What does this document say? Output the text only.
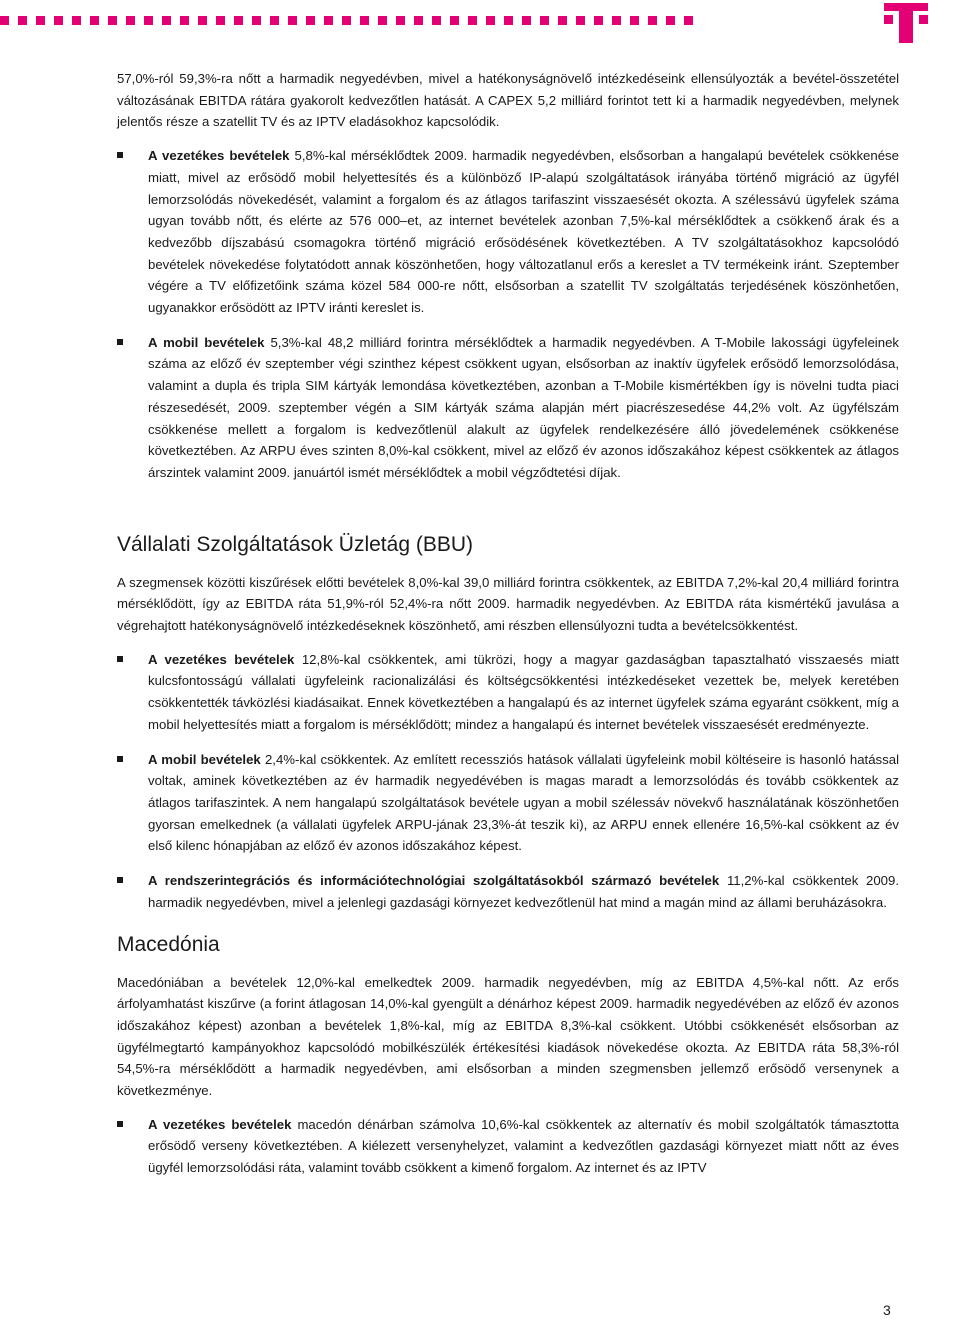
57,0%-ról 59,3%-ra nőtt a harmadik negyedévben, mivel a hatékonyságnövelő intézkedéseink ellensúlyozták a bevétel-összetétel változásának EBITDA rátára gyakorolt kedvezőtlen hatását. A CAPEX 5,2 milliárd forintot tett ki a harmadik negyedévben, melynek jelentős része a szatellit TV és az IPTV eladásokhoz kapcsolódik.

A vezetékes bevételek 5,8%-kal mérséklődtek 2009. harmadik negyedévben, elsősorban a hangalapú bevételek csökkenése miatt, mivel az erősödő mobil helyettesítés és a különböző IP-alapú szolgáltatások irányába történő migráció az ügyfél lemorzsolódás növekedését, valamint a forgalom és az átlagos tarifaszint visszaesését okozta. A szélessávú ügyfelek száma ugyan tovább nőtt, és elérte az 576 000–et, az internet bevételek azonban 7,5%-kal mérséklődtek a csökkenő árak és a kedvezőbb díjszabású csomagokra történő migráció erősödésének következtében. A TV szolgáltatásokhoz kapcsolódó bevételek növekedése folytatódott annak köszönhetően, hogy változatlanul erős a kereslet a TV termékeink iránt. Szeptember végére a TV előfizetőink száma közel 584 000-re nőtt, elsősorban a szatellit TV szolgáltatás terjedésének köszönhetően, ugyanakkor erősödött az IPTV iránti kereslet is.
A mobil bevételek 5,3%-kal 48,2 milliárd forintra mérséklődtek a harmadik negyedévben. A T-Mobile lakossági ügyfeleinek száma az előző év szeptember végi szinthez képest csökkent ugyan, elsősorban az inaktív ügyfelek erősödő lemorzsolódása, valamint a dupla és tripla SIM kártyák lemondása következtében, azonban a T-Mobile kismértékben így is növelni tudta piaci részesedését, 2009. szeptember végén a SIM kártyák száma alapján mért piacrészesedése 44,2% volt. Az ügyfélszám csökkenése mellett a forgalom is kedvezőtlenül alakult az ügyfelek rendelkezésére álló jövedelemének csökkenése következtében. Az ARPU éves szinten 8,0%-kal csökkent, mivel az előző év azonos időszakához képest csökkentek az átlagos árszintek valamint 2009. januártól ismét mérséklődtek a mobil végződtetési díjak.
Vállalati Szolgáltatások Üzletág (BBU)

A szegmensek közötti kiszűrések előtti bevételek 8,0%-kal 39,0 milliárd forintra csökkentek, az EBITDA 7,2%-kal 20,4 milliárd forintra mérséklődött, így az EBITDA ráta 51,9%-ról 52,4%-ra nőtt 2009. harmadik negyedévben. Az EBITDA ráta kismértékű javulása a végrehajtott hatékonyságnövelő intézkedéseknek köszönhető, ami részben ellensúlyozni tudta a bevételcsökkentést.

A vezetékes bevételek 12,8%-kal csökkentek, ami tükrözi, hogy a magyar gazdaságban tapasztalható visszaesés miatt kulcsfontosságú vállalati ügyfeleink racionalizálási és költségcsökkentési intézkedéseket vezettek be, melyek keretében csökkentették távközlési kiadásaikat. Ennek következtében a hangalapú és az internet ügyfelek száma egyaránt csökkent, míg a mobil helyettesítés miatt a forgalom is mérséklődött; mindez a hangalapú és internet bevételek visszaesését eredményezte.
A mobil bevételek 2,4%-kal csökkentek. Az említett recessziós hatások vállalati ügyfeleink mobil költéseire is hasonló hatással voltak, aminek következtében az év harmadik negyedévében is magas maradt a lemorzsolódás és tovább csökkentek az átlagos tarifaszintek. A nem hangalapú szolgáltatások bevétele ugyan a mobil szélessáv növekvő használatának köszönhetően gyorsan emelkednek (a vállalati ügyfelek ARPU-jának 23,3%-át teszik ki), az ARPU ennek ellenére 16,5%-kal csökkent az év első kilenc hónapjában az előző év azonos időszakához képest.
A rendszerintegrációs és információtechnológiai szolgáltatásokból származó bevételek 11,2%-kal csökkentek 2009. harmadik negyedévben, mivel a jelenlegi gazdasági környezet kedvezőtlenül hat mind a magán mind az állami beruházásokra.
Macedónia

Macedóniában a bevételek 12,0%-kal emelkedtek 2009. harmadik negyedévben, míg az EBITDA 4,5%-kal nőtt. Az erős árfolyamhatást kiszűrve (a forint átlagosan 14,0%-kal gyengült a dénárhoz képest 2009. harmadik negyedévében az előző év azonos időszakához képest) azonban a bevételek 1,8%-kal, míg az EBITDA 8,3%-kal csökkent. Utóbbi csökkenését elsősorban az ügyfélmegtartó kampányokhoz kapcsolódó mobilkészülék értékesítési kiadások növekedése okozta. Az EBITDA ráta 58,3%-ról 54,5%-ra mérséklődött a harmadik negyedévben, ami elsősorban a minden szegmensben jellemző erősödő versenynek a következménye.

A vezetékes bevételek macedón dénárban számolva 10,6%-kal csökkentek az alternatív és mobil szolgáltatók támasztotta erősödő verseny következtében. A kiélezett versenyhelyzet, valamint a kedvezőtlen gazdasági környezet miatt nőtt az éves ügyfél lemorzsolódási ráta, valamint tovább csökkent a kimenő forgalom. Az internet és az IPTV
3
